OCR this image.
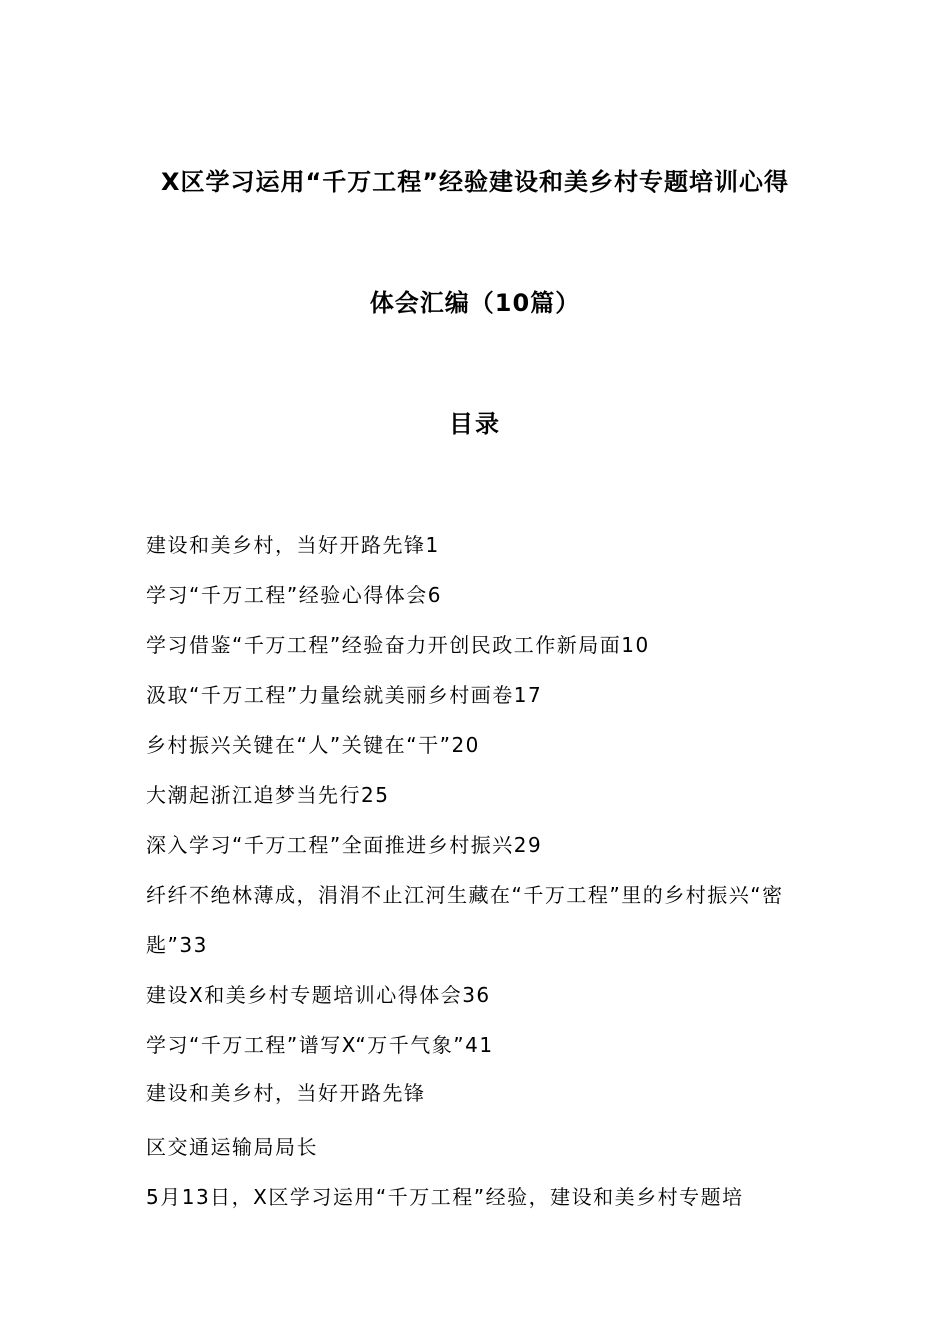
X区学习运用“千万工程”经验建设和美乡村专题培训心得
体会汇编（10篇）
目录
建设和美乡村，当好开路先锋1
学习“千万工程”经验心得体会6
学习借鉴“千万工程”经验奋力开创民政工作新局面10
汲取“千万工程”力量绘就美丽乡村画卷17
乡村振兴关键在“人”关键在“干”20
大潮起浙江追梦当先行25
深入学习“千万工程”全面推进乡村振兴29
纤纤不绝林薄成，涓涓不止江河生藏在“千万工程”里的乡村振兴“密匙”33
建设X和美乡村专题培训心得体会36
学习“千万工程”谱写X“万千气象”41
建设和美乡村，当好开路先锋
区交通运输局局长
5月13日，X区学习运用“千万工程”经验，建设和美乡村专题培
